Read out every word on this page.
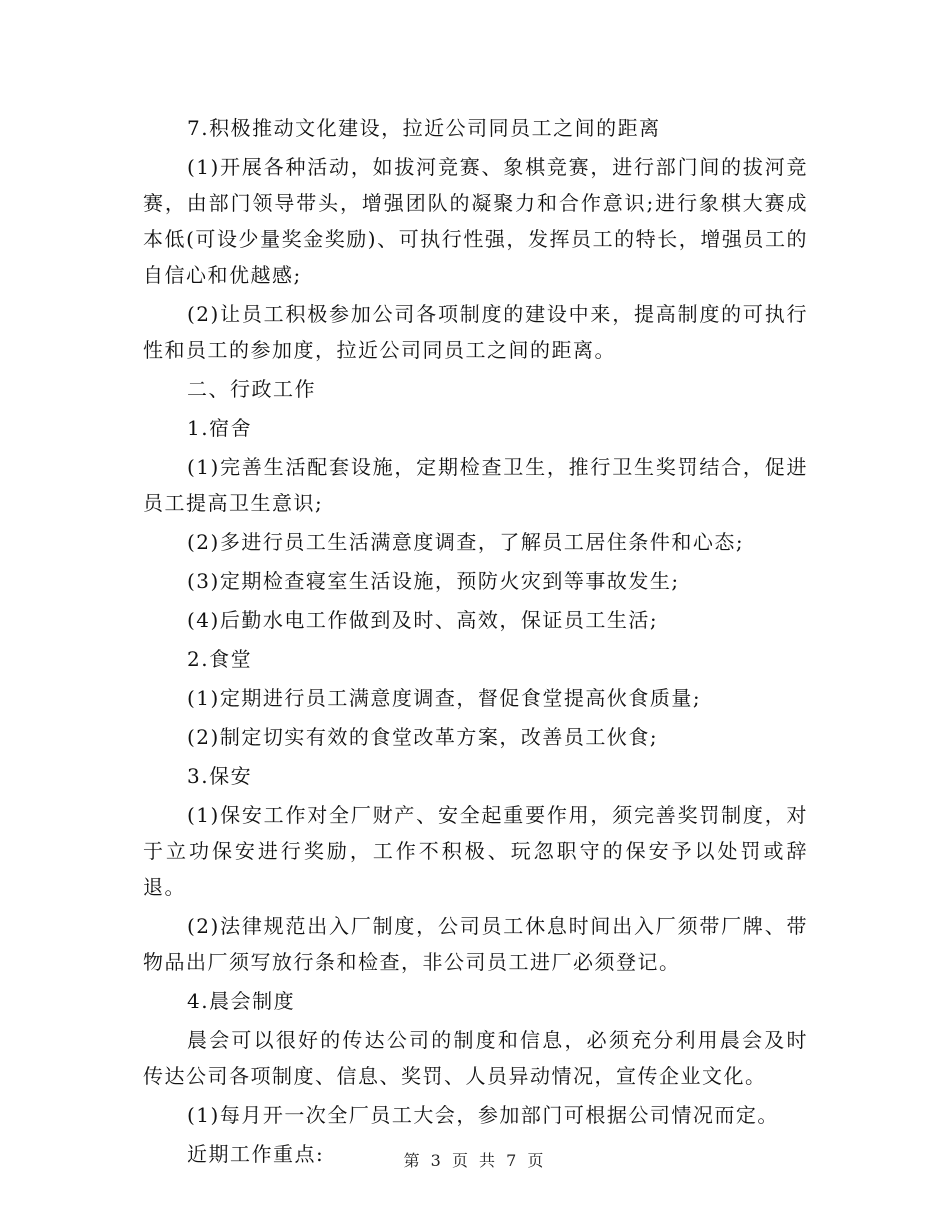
7.积极推动文化建设，拉近公司同员工之间的距离

(1)开展各种活动，如拔河竞赛、象棋竞赛，进行部门间的拔河竞赛，由部门领导带头，增强团队的凝聚力和合作意识;进行象棋大赛成本低(可设少量奖金奖励)、可执行性强，发挥员工的特长，增强员工的自信心和优越感;

(2)让员工积极参加公司各项制度的建设中来，提高制度的可执行性和员工的参加度，拉近公司同员工之间的距离。

二、行政工作

1.宿舍

(1)完善生活配套设施，定期检查卫生，推行卫生奖罚结合，促进员工提高卫生意识;

(2)多进行员工生活满意度调查，了解员工居住条件和心态;

(3)定期检查寝室生活设施，预防火灾到等事故发生;

(4)后勤水电工作做到及时、高效，保证员工生活;

2.食堂

(1)定期进行员工满意度调查，督促食堂提高伙食质量;

(2)制定切实有效的食堂改革方案，改善员工伙食;

3.保安

(1)保安工作对全厂财产、安全起重要作用，须完善奖罚制度，对于立功保安进行奖励，工作不积极、玩忽职守的保安予以处罚或辞退。

(2)法律规范出入厂制度，公司员工休息时间出入厂须带厂牌、带物品出厂须写放行条和检查，非公司员工进厂必须登记。

4.晨会制度

晨会可以很好的传达公司的制度和信息，必须充分利用晨会及时传达公司各项制度、信息、奖罚、人员异动情况，宣传企业文化。

(1)每月开一次全厂员工大会，参加部门可根据公司情况而定。

近期工作重点:	第 3 页 共 7 页
